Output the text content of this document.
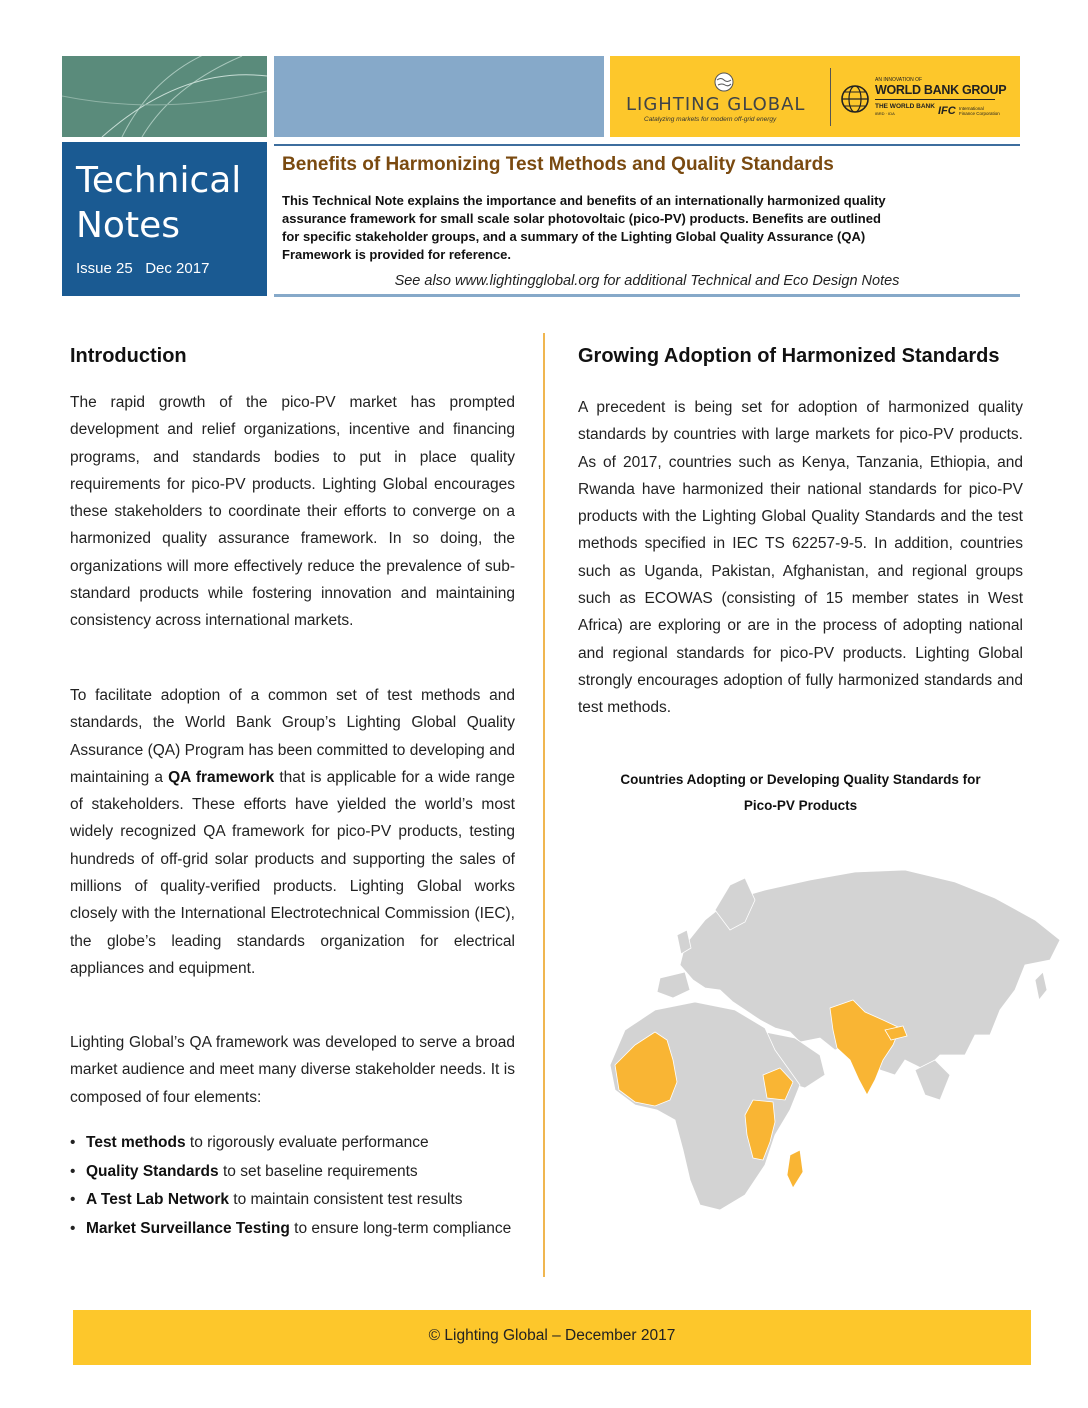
LIGHTING GLOBAL
Catalyzing markets for modern off-grid energy
AN INNOVATION OF
WORLD BANK GROUP
THE WORLD BANK
IBRD · IDA	IFC International Finance Corporation
Technical
Notes
Issue 25   Dec 2017
Benefits of Harmonizing Test Methods and Quality Standards
This Technical Note explains the importance and benefits of an internationally harmonized quality
assurance framework for small scale solar photovoltaic (pico-PV) products. Benefits are outlined
for specific stakeholder groups, and a summary of the Lighting Global Quality Assurance (QA)
Framework is provided for reference.
See also www.lightingglobal.org for additional Technical and Eco Design Notes
Introduction

The rapid growth of the pico-PV market has prompted development and relief organizations, incentive and financing programs, and standards bodies to put in place quality requirements for pico-PV products. Lighting Global encourages these stakeholders to coordinate their efforts to converge on a harmonized quality assurance framework. In so doing, the organizations will more effectively reduce the prevalence of sub-standard products while fostering innovation and maintaining consistency across international markets.

To facilitate adoption of a common set of test methods and standards, the World Bank Group’s Lighting Global Quality Assurance (QA) Program has been committed to developing and maintaining a QA framework that is applicable for a wide range of stakeholders. These efforts have yielded the world’s most widely recognized QA framework for pico-PV products, testing hundreds of off-grid solar products and supporting the sales of millions of quality-verified products. Lighting Global works closely with the International Electrotechnical Commission (IEC), the globe’s leading standards organization for electrical appliances and equipment.

Lighting Global’s QA framework was developed to serve a broad market audience and meet many diverse stakeholder needs. It is composed of four elements:

• Test methods to rigorously evaluate performance
• Quality Standards to set baseline requirements
• A Test Lab Network to maintain consistent test results
• Market Surveillance Testing to ensure long-term compliance
Growing Adoption of Harmonized Standards

A precedent is being set for adoption of harmonized quality standards by countries with large markets for pico-PV products. As of 2017, countries such as Kenya, Tanzania, Ethiopia, and Rwanda have harmonized their national standards for pico-PV products with the Lighting Global Quality Standards and the test methods specified in IEC TS 62257-9-5. In addition, countries such as Uganda, Pakistan, Afghanistan, and regional groups such as ECOWAS (consisting of 15 member states in West Africa) are exploring or are in the process of adopting national and regional standards for pico-PV products. Lighting Global strongly encourages adoption of fully harmonized standards and test methods.

Countries Adopting or Developing Quality Standards for
Pico-PV Products
© Lighting Global – December 2017
